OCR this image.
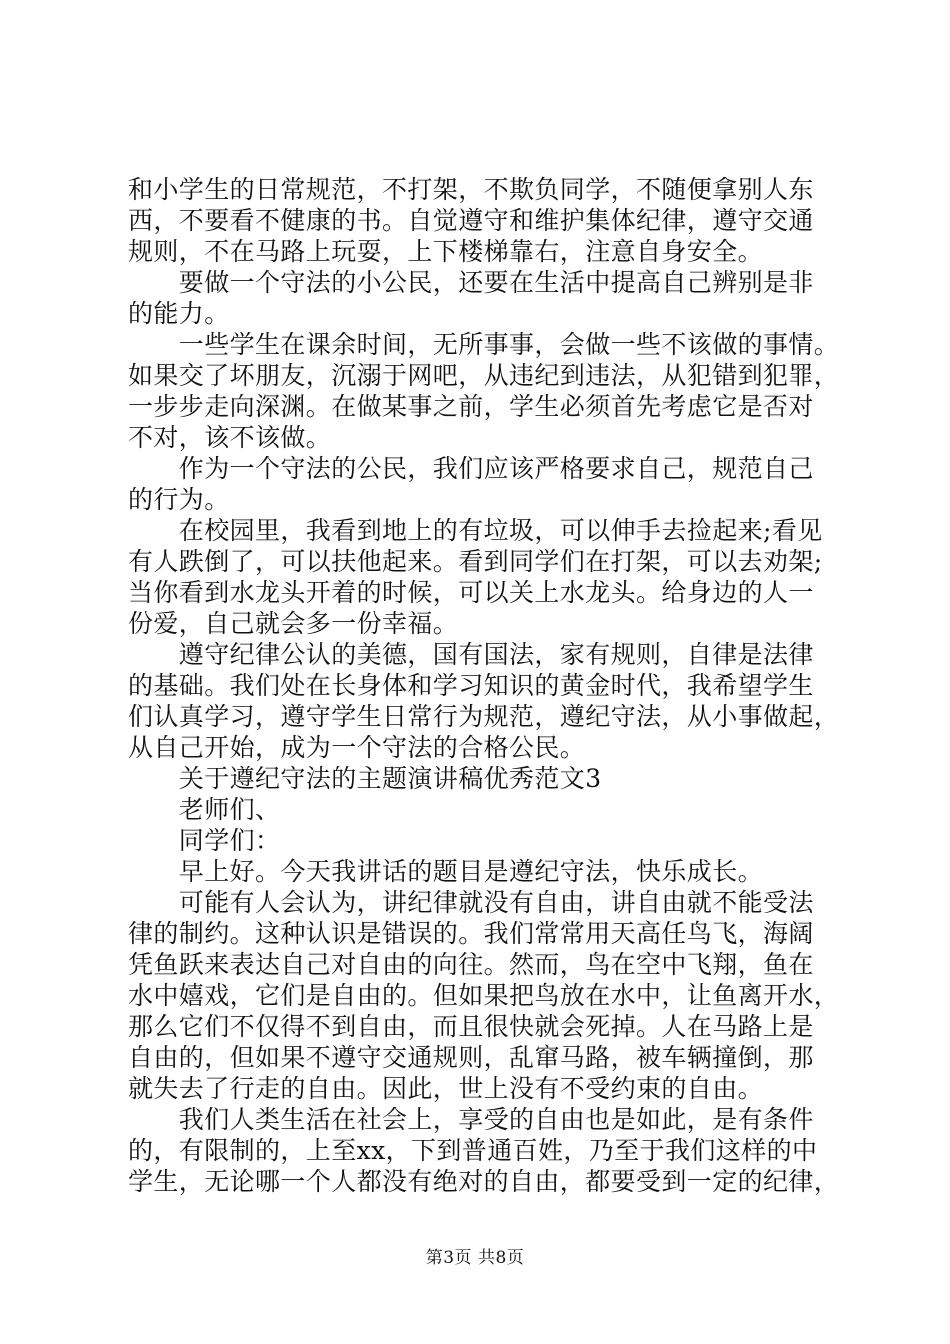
和小学生的日常规范，不打架，不欺负同学，不随便拿别人东
西，不要看不健康的书。自觉遵守和维护集体纪律，遵守交通
规则，不在马路上玩耍，上下楼梯靠右，注意自身安全。
　　要做一个守法的小公民，还要在生活中提高自己辨别是非
的能力。
　　一些学生在课余时间，无所事事，会做一些不该做的事情。
如果交了坏朋友，沉溺于网吧，从违纪到违法，从犯错到犯罪，
一步步走向深渊。在做某事之前，学生必须首先考虑它是否对
不对，该不该做。
　　作为一个守法的公民，我们应该严格要求自己，规范自己
的行为。
　　在校园里，我看到地上的有垃圾，可以伸手去捡起来;看见
有人跌倒了，可以扶他起来。看到同学们在打架，可以去劝架;
当你看到水龙头开着的时候，可以关上水龙头。给身边的人一
份爱，自己就会多一份幸福。
　　遵守纪律公认的美德，国有国法，家有规则，自律是法律
的基础。我们处在长身体和学习知识的黄金时代，我希望学生
们认真学习，遵守学生日常行为规范，遵纪守法，从小事做起，
从自己开始，成为一个守法的合格公民。
　　关于遵纪守法的主题演讲稿优秀范文3
　　老师们、
　　同学们：
　　早上好。今天我讲话的题目是遵纪守法，快乐成长。
　　可能有人会认为，讲纪律就没有自由，讲自由就不能受法
律的制约。这种认识是错误的。我们常常用天高任鸟飞，海阔
凭鱼跃来表达自己对自由的向往。然而，鸟在空中飞翔，鱼在
水中嬉戏，它们是自由的。但如果把鸟放在水中，让鱼离开水，
那么它们不仅得不到自由，而且很快就会死掉。人在马路上是
自由的，但如果不遵守交通规则，乱窜马路，被车辆撞倒，那
就失去了行走的自由。因此，世上没有不受约束的自由。
　　我们人类生活在社会上，享受的自由也是如此，是有条件
的，有限制的，上至xx，下到普通百姓，乃至于我们这样的中
学生，无论哪一个人都没有绝对的自由，都要受到一定的纪律，
第3页 共8页
